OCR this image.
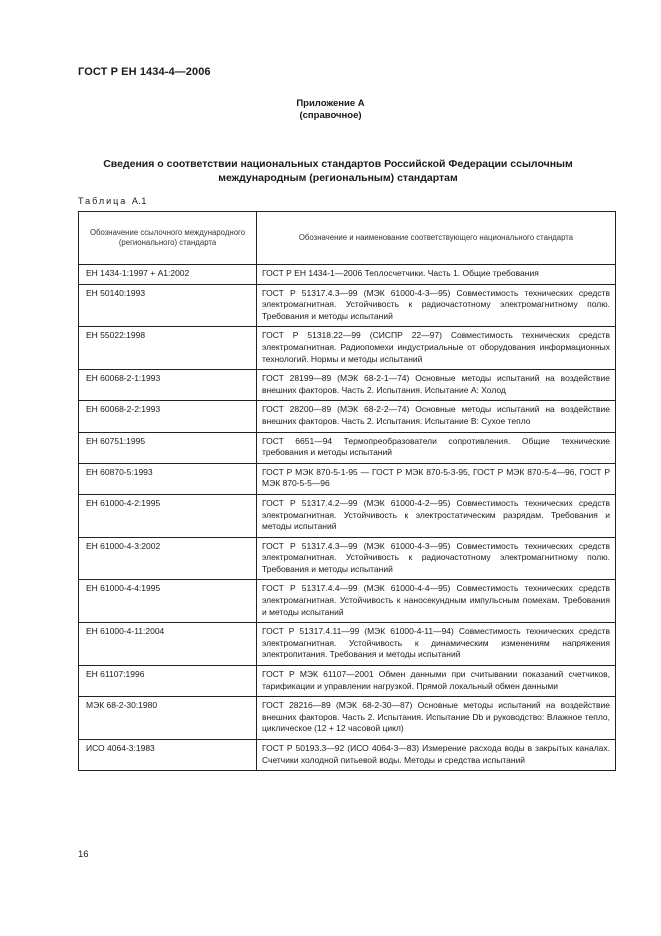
ГОСТ Р ЕН 1434-4—2006
Приложение А
(справочное)
Сведения о соответствии национальных стандартов Российской Федерации ссылочным
международным (региональным) стандартам
Таблица А.1
Обозначение ссылочного международного (регионального) стандарта	Обозначение и наименование соответствующего национального стандарта
ЕН 1434-1:1997 + А1:2002	ГОСТ Р ЕН 1434-1—2006 Теплосчетчики. Часть 1. Общие требования
ЕН 50140:1993	ГОСТ Р 51317.4.3—99 (МЭК 61000-4-3—95) Совместимость технических средств электромагнитная. Устойчивость к радиочастотному электромагнитному полю. Требования и методы испытаний
ЕН 55022:1998	ГОСТ Р 51318.22—99 (СИСПР 22—97) Совместимость технических средств электромагнитная. Радиопомехи индустриальные от оборудования информационных технологий. Нормы и методы испытаний
ЕН 60068-2-1:1993	ГОСТ 28199—89 (МЭК 68-2-1—74) Основные методы испытаний на воздействие внешних факторов. Часть 2. Испытания. Испытание А: Холод
ЕН 60068-2-2:1993	ГОСТ 28200—89 (МЭК 68-2-2—74) Основные методы испытаний на воздействие внешних факторов. Часть 2. Испытания. Испытание В: Сухое тепло
ЕН 60751:1995	ГОСТ 6651—94 Термопреобразователи сопротивления. Общие технические требования и методы испытаний
ЕН 60870-5:1993	ГОСТ Р МЭК 870-5-1-95 — ГОСТ Р МЭК 870-5-3-95, ГОСТ Р МЭК 870-5-4—96, ГОСТ Р МЭК 870-5-5—96
ЕН 61000-4-2:1995	ГОСТ Р 51317.4.2—99 (МЭК 61000-4-2—95) Совместимость технических средств электромагнитная. Устойчивость к электростатическим разрядам. Требования и методы испытаний
ЕН 61000-4-3:2002	ГОСТ Р 51317.4.3—99 (МЭК 61000-4-3—95) Совместимость технических средств электромагнитная. Устойчивость к радиочастотному электромагнитному полю. Требования и методы испытаний
ЕН 61000-4-4:1995	ГОСТ Р 51317.4.4—99 (МЭК 61000-4-4—95) Совместимость технических средств электромагнитная. Устойчивость к наносекундным импульсным помехам. Требования и методы испытаний
ЕН 61000-4-11:2004	ГОСТ Р 51317.4.11—99 (МЭК 61000-4-11—94) Совместимость технических средств электромагнитная. Устойчивость к динамическим изменениям напряжения электропитания. Требования и методы испытаний
ЕН 61107:1996	ГОСТ Р МЭК 61107—2001 Обмен данными при считывании показаний счетчиков, тарификации и управлении нагрузкой. Прямой локальный обмен данными
МЭК 68-2-30:1980	ГОСТ 28216—89 (МЭК 68-2-30—87) Основные методы испытаний на воздействие внешних факторов. Часть 2. Испытания. Испытание Db и руководство: Влажное тепло, циклическое (12 + 12 часовой цикл)
ИСО 4064-3:1983	ГОСТ Р 50193.3—92 (ИСО 4064-3—83) Измерение расхода воды в закрытых каналах. Счетчики холодной питьевой воды. Методы и средства испытаний
16
